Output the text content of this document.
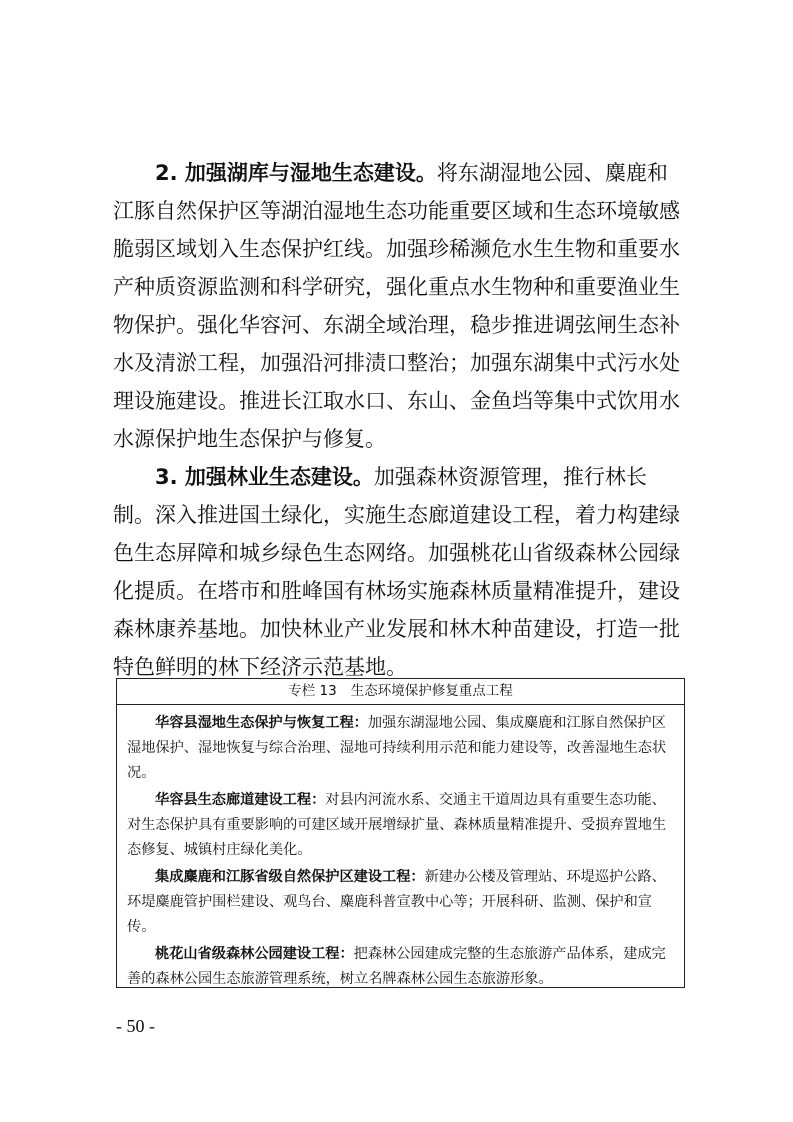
2. 加强湖库与湿地生态建设。将东湖湿地公园、麋鹿和江豚自然保护区等湖泊湿地生态功能重要区域和生态环境敏感脆弱区域划入生态保护红线。加强珍稀濒危水生生物和重要水产种质资源监测和科学研究，强化重点水生物种和重要渔业生物保护。强化华容河、东湖全域治理，稳步推进调弦闸生态补水及清淤工程，加强沿河排渍口整治；加强东湖集中式污水处理设施建设。推进长江取水口、东山、金鱼垱等集中式饮用水水源保护地生态保护与修复。

3. 加强林业生态建设。加强森林资源管理，推行林长制。深入推进国土绿化，实施生态廊道建设工程，着力构建绿色生态屏障和城乡绿色生态网络。加强桃花山省级森林公园绿化提质。在塔市和胜峰国有林场实施森林质量精准提升，建设森林康养基地。加快林业产业发展和林木种苗建设，打造一批特色鲜明的林下经济示范基地。

专栏 13 生态环境保护修复重点工程

华容县湿地生态保护与恢复工程：加强东湖湿地公园、集成麋鹿和江豚自然保护区湿地保护、湿地恢复与综合治理、湿地可持续利用示范和能力建设等，改善湿地生态状况。

华容县生态廊道建设工程：对县内河流水系、交通主干道周边具有重要生态功能、对生态保护具有重要影响的可建区域开展增绿扩量、森林质量精准提升、受损弃置地生态修复、城镇村庄绿化美化。

集成麋鹿和江豚省级自然保护区建设工程：新建办公楼及管理站、环堤巡护公路、环堤麋鹿管护围栏建设、观鸟台、麋鹿科普宣教中心等；开展科研、监测、保护和宣传。

桃花山省级森林公园建设工程：把森林公园建成完整的生态旅游产品体系，建成完善的森林公园生态旅游管理系统，树立名牌森林公园生态旅游形象。

- 50 -
